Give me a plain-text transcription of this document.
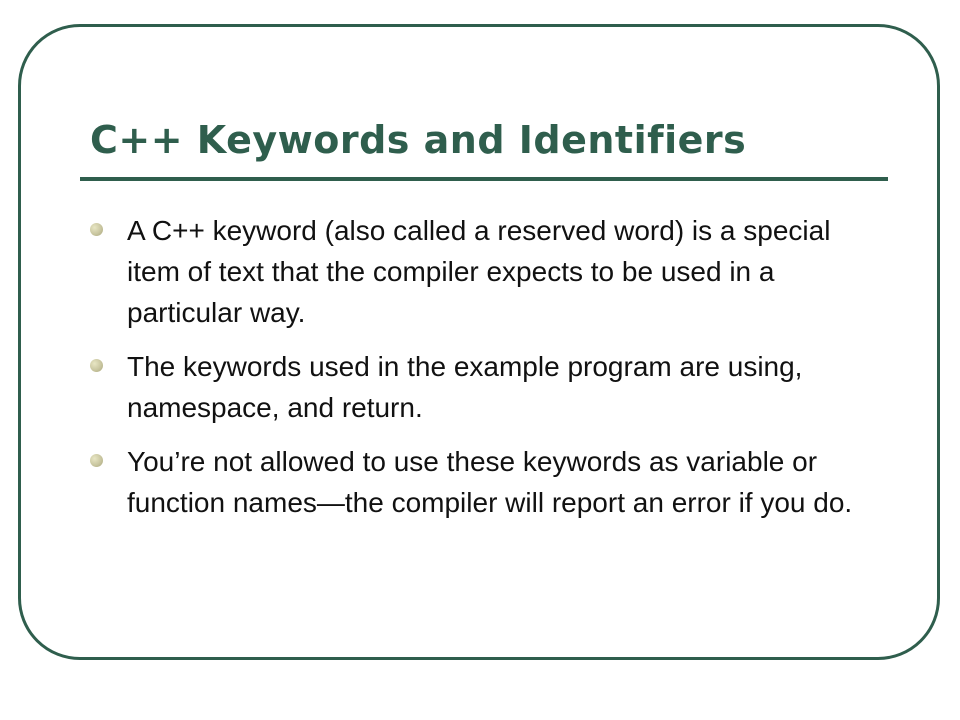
C++ Keywords and Identifiers
A C++ keyword (also called a reserved word) is a special item of text that the compiler expects to be used in a particular way.
The keywords used in the example program are using, namespace, and return.
You’re not allowed to use these keywords as variable or function names—the compiler will report an error if you do.
